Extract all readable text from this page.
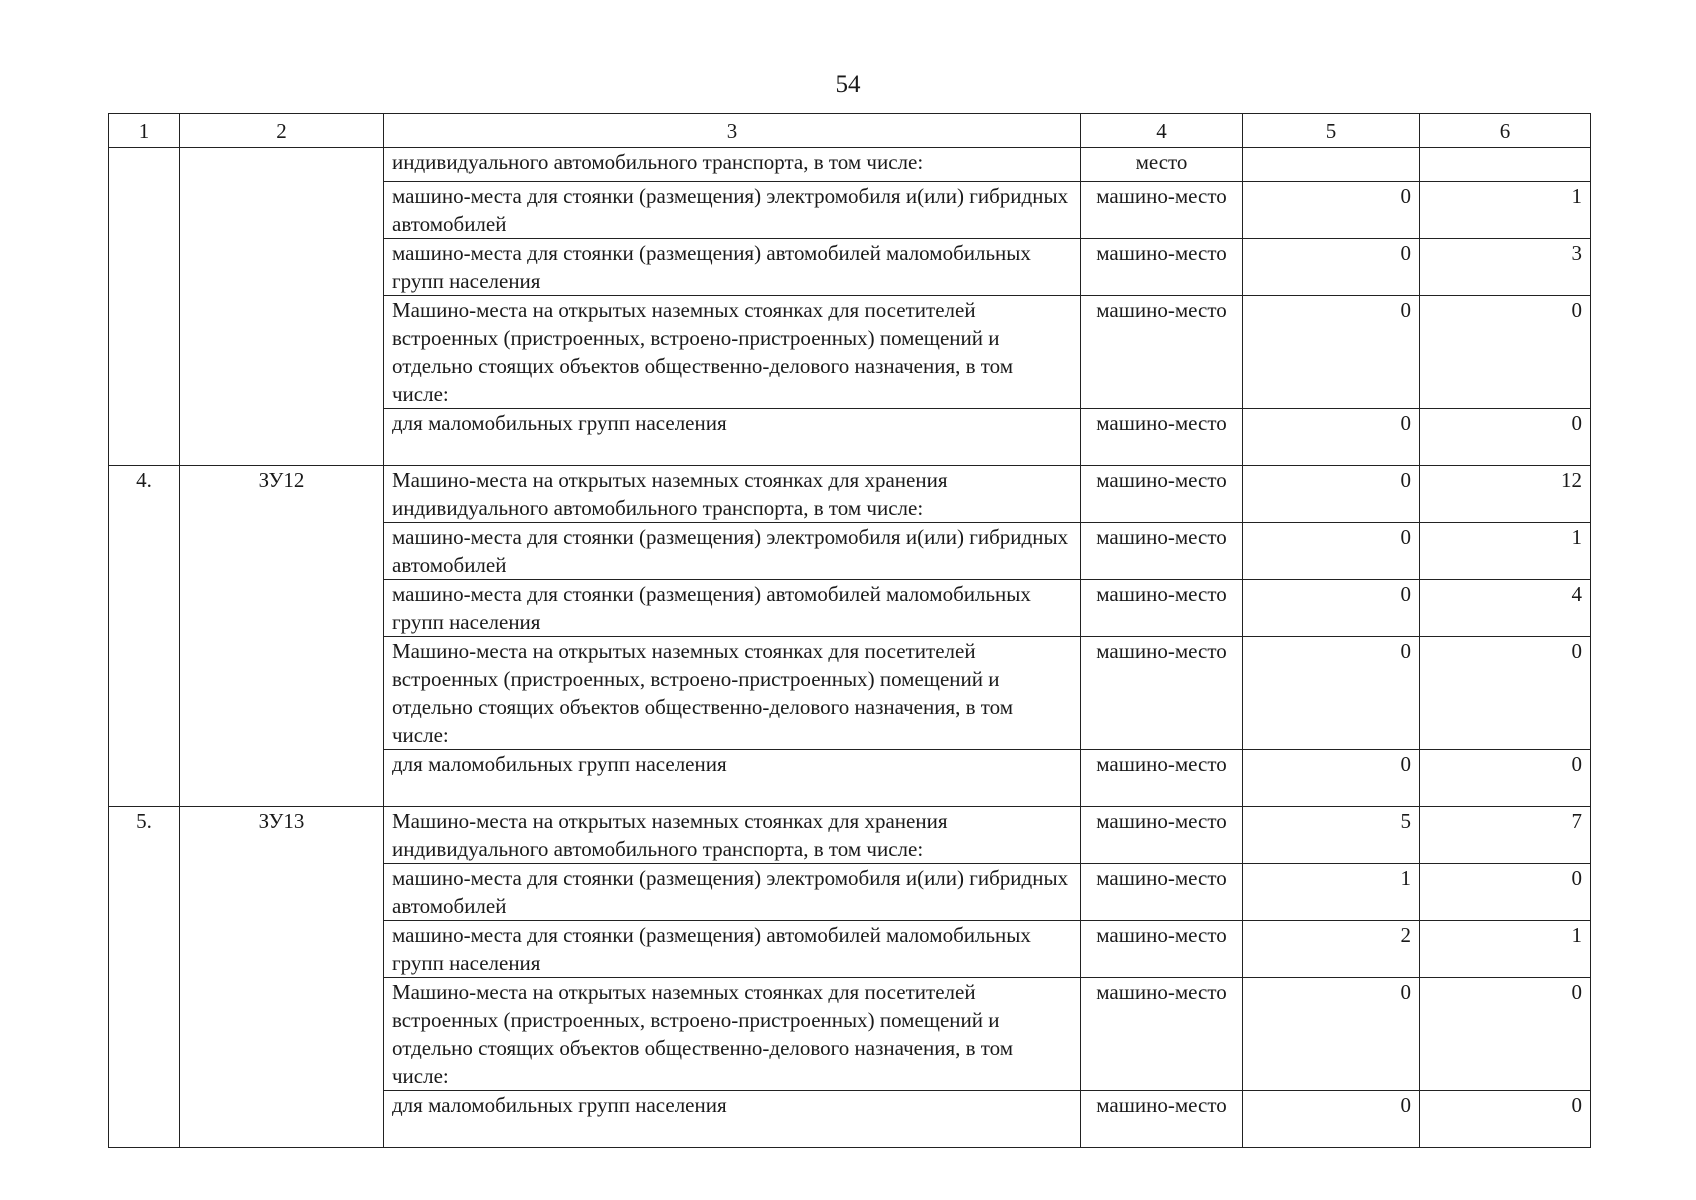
54
1	2	3	4	5	6
		индивидуального автомобильного транспорта, в том числе:	место		
		машино-места для стоянки (размещения) электромобиля и(или) гибридных автомобилей	машино-место	0	1
		машино-места для стоянки (размещения) автомобилей маломобильных групп населения	машино-место	0	3
		Машино-места на открытых наземных стоянках для посетителей встроенных (пристроенных, встроено-пристроенных) помещений и отдельно стоящих объектов общественно-делового назначения, в том числе:	машино-место	0	0
		для маломобильных групп населения	машино-место	0	0
4.	ЗУ12	Машино-места на открытых наземных стоянках для хранения индивидуального автомобильного транспорта, в том числе:	машино-место	0	12
		машино-места для стоянки (размещения) электромобиля и(или) гибридных автомобилей	машино-место	0	1
		машино-места для стоянки (размещения) автомобилей маломобильных групп населения	машино-место	0	4
		Машино-места на открытых наземных стоянках для посетителей встроенных (пристроенных, встроено-пристроенных) помещений и отдельно стоящих объектов общественно-делового назначения, в том числе:	машино-место	0	0
		для маломобильных групп населения	машино-место	0	0
5.	ЗУ13	Машино-места на открытых наземных стоянках для хранения индивидуального автомобильного транспорта, в том числе:	машино-место	5	7
		машино-места для стоянки (размещения) электромобиля и(или) гибридных автомобилей	машино-место	1	0
		машино-места для стоянки (размещения) автомобилей маломобильных групп населения	машино-место	2	1
		Машино-места на открытых наземных стоянках для посетителей встроенных (пристроенных, встроено-пристроенных) помещений и отдельно стоящих объектов общественно-делового назначения, в том числе:	машино-место	0	0
		для маломобильных групп населения	машино-место	0	0
